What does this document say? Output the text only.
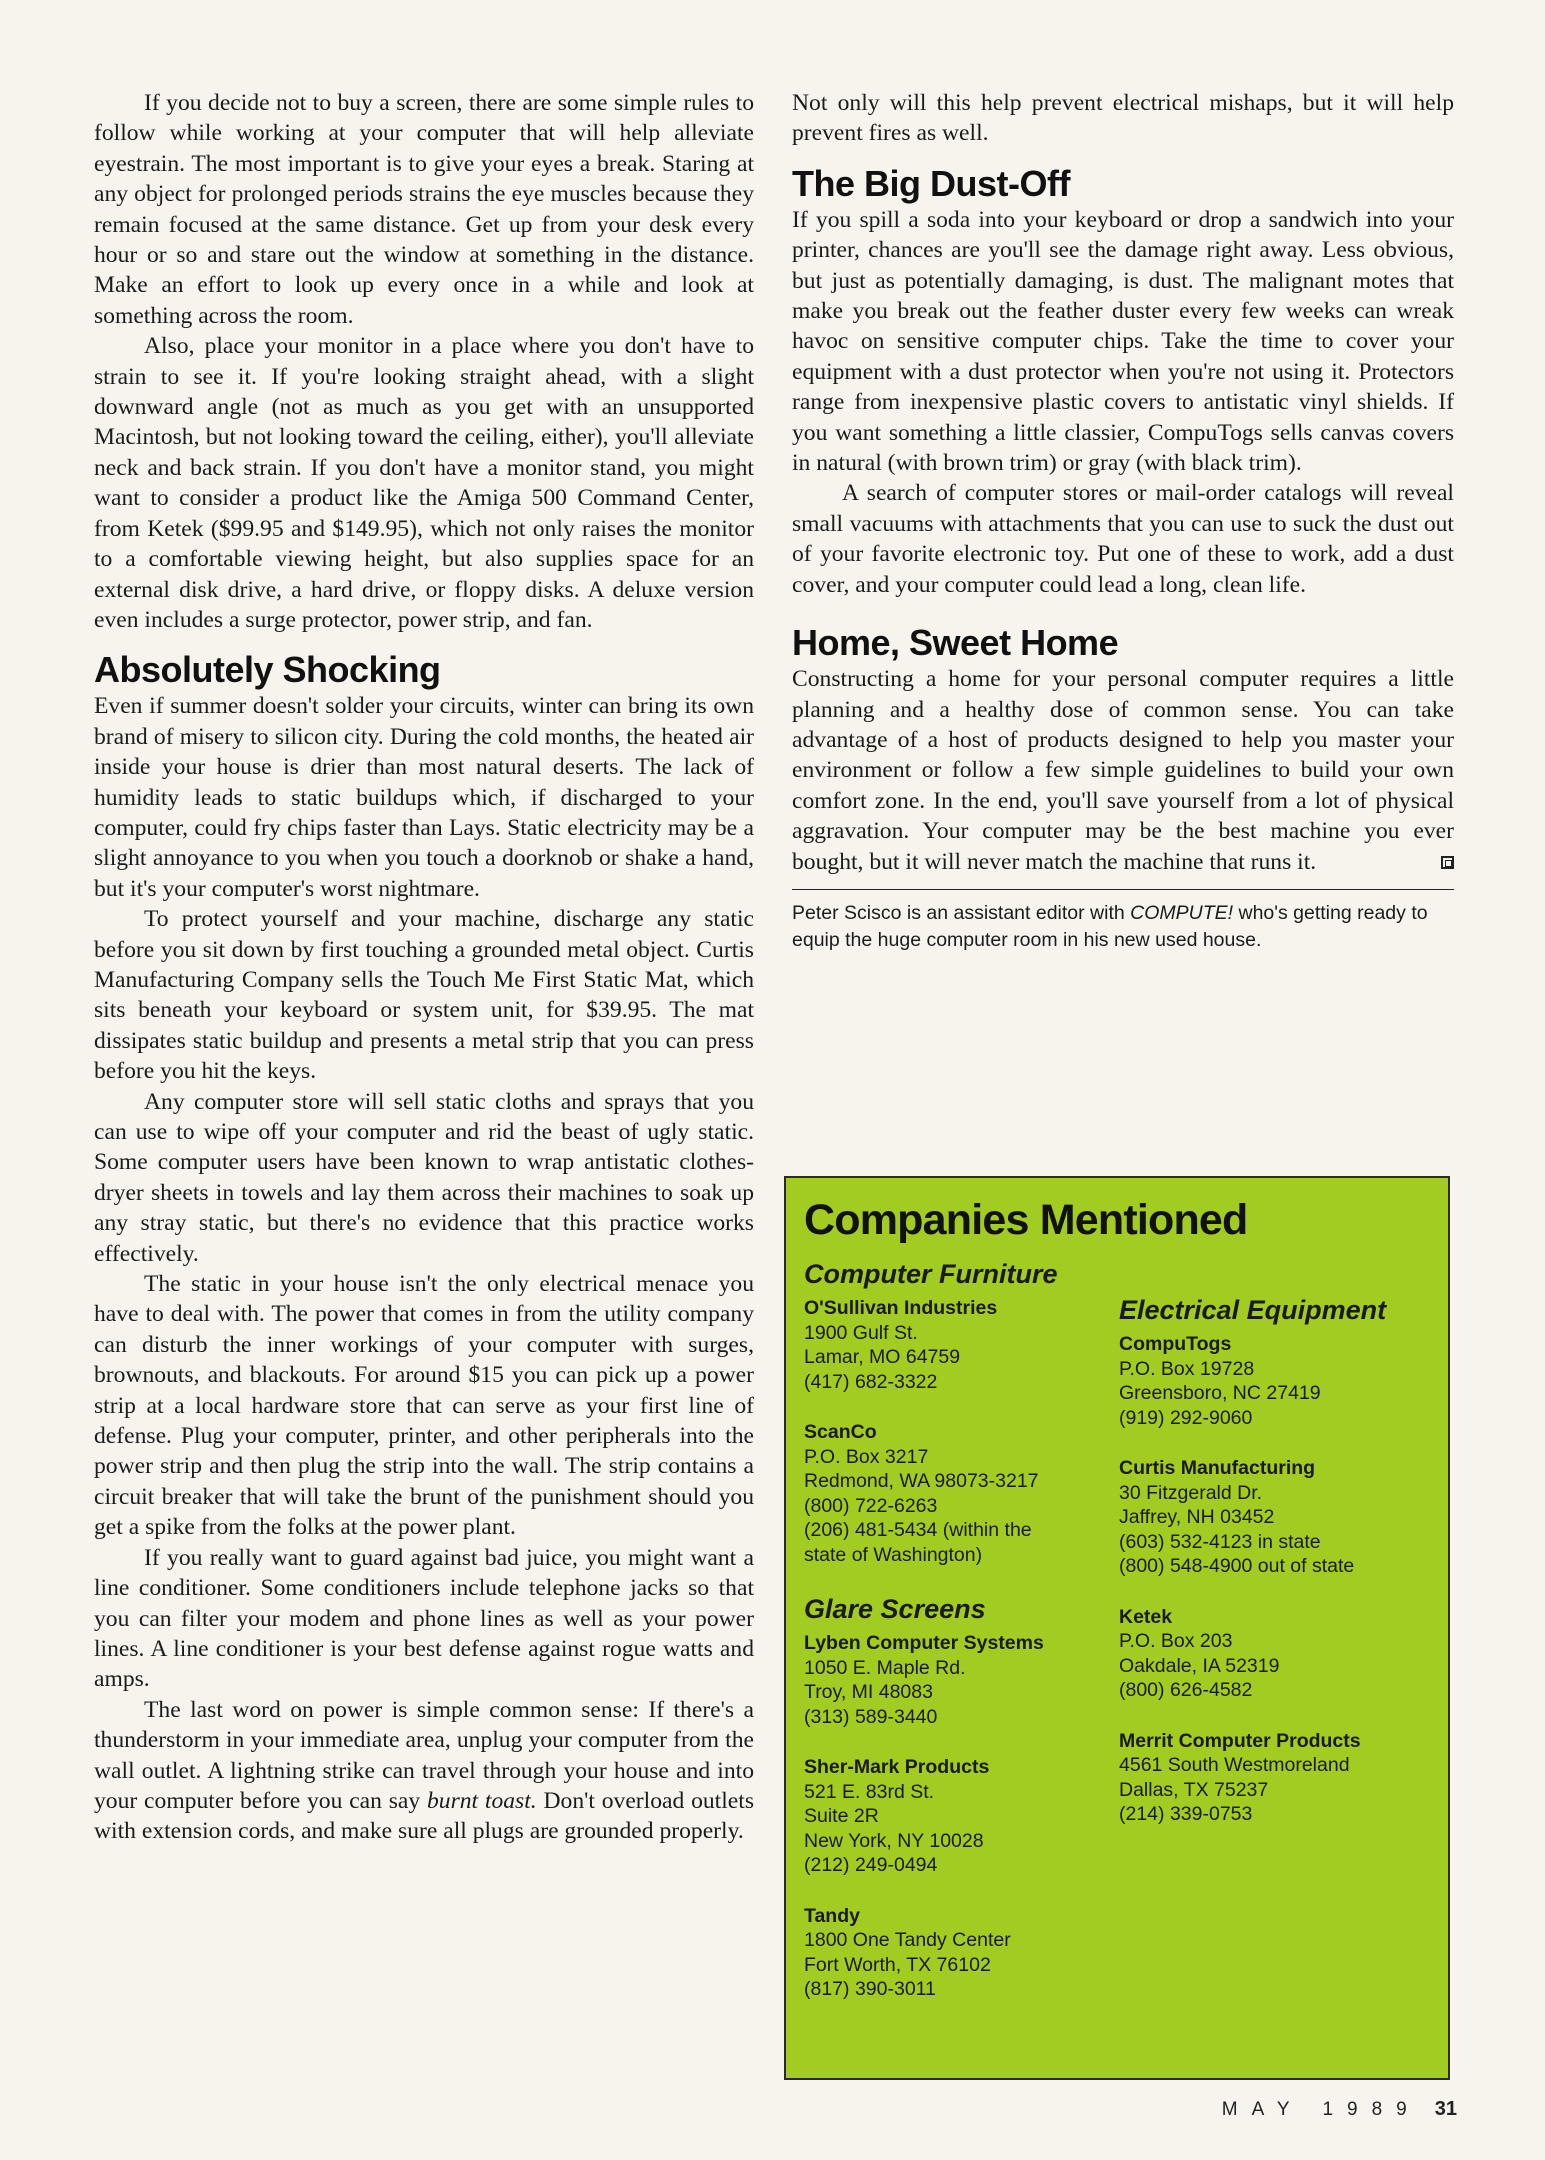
If you decide not to buy a screen, there are some simple rules to follow while working at your computer that will help alleviate eyestrain. The most important is to give your eyes a break. Staring at any object for prolonged periods strains the eye muscles because they remain focused at the same distance. Get up from your desk every hour or so and stare out the window at something in the distance. Make an effort to look up every once in a while and look at something across the room.

Also, place your monitor in a place where you don't have to strain to see it. If you're looking straight ahead, with a slight downward angle (not as much as you get with an unsupported Macintosh, but not looking toward the ceiling, either), you'll alleviate neck and back strain. If you don't have a monitor stand, you might want to consider a product like the Amiga 500 Command Center, from Ketek ($99.95 and $149.95), which not only raises the monitor to a comfortable viewing height, but also supplies space for an external disk drive, a hard drive, or floppy disks. A deluxe version even includes a surge protector, power strip, and fan.

Absolutely Shocking

Even if summer doesn't solder your circuits, winter can bring its own brand of misery to silicon city. During the cold months, the heated air inside your house is drier than most natural deserts. The lack of humidity leads to static buildups which, if discharged to your computer, could fry chips faster than Lays. Static electricity may be a slight annoyance to you when you touch a doorknob or shake a hand, but it's your computer's worst nightmare.

To protect yourself and your machine, discharge any static before you sit down by first touching a grounded metal object. Curtis Manufacturing Company sells the Touch Me First Static Mat, which sits beneath your keyboard or system unit, for $39.95. The mat dissipates static buildup and presents a metal strip that you can press before you hit the keys.

Any computer store will sell static cloths and sprays that you can use to wipe off your computer and rid the beast of ugly static. Some computer users have been known to wrap antistatic clothes-dryer sheets in towels and lay them across their machines to soak up any stray static, but there's no evidence that this practice works effectively.

The static in your house isn't the only electrical menace you have to deal with. The power that comes in from the utility company can disturb the inner workings of your computer with surges, brownouts, and blackouts. For around $15 you can pick up a power strip at a local hardware store that can serve as your first line of defense. Plug your computer, printer, and other peripherals into the power strip and then plug the strip into the wall. The strip contains a circuit breaker that will take the brunt of the punishment should you get a spike from the folks at the power plant.

If you really want to guard against bad juice, you might want a line conditioner. Some conditioners include telephone jacks so that you can filter your modem and phone lines as well as your power lines. A line conditioner is your best defense against rogue watts and amps.

The last word on power is simple common sense: If there's a thunderstorm in your immediate area, unplug your computer from the wall outlet. A lightning strike can travel through your house and into your computer before you can say burnt toast. Don't overload outlets with extension cords, and make sure all plugs are grounded properly.

Not only will this help prevent electrical mishaps, but it will help prevent fires as well.

The Big Dust-Off

If you spill a soda into your keyboard or drop a sandwich into your printer, chances are you'll see the damage right away. Less obvious, but just as potentially damaging, is dust. The malignant motes that make you break out the feather duster every few weeks can wreak havoc on sensitive computer chips. Take the time to cover your equipment with a dust protector when you're not using it. Protectors range from inexpensive plastic covers to antistatic vinyl shields. If you want something a little classier, CompuTogs sells canvas covers in natural (with brown trim) or gray (with black trim).

A search of computer stores or mail-order catalogs will reveal small vacuums with attachments that you can use to suck the dust out of your favorite electronic toy. Put one of these to work, add a dust cover, and your computer could lead a long, clean life.

Home, Sweet Home

Constructing a home for your personal computer requires a little planning and a healthy dose of common sense. You can take advantage of a host of products designed to help you master your environment or follow a few simple guidelines to build your own comfort zone. In the end, you'll save yourself from a lot of physical aggravation. Your computer may be the best machine you ever bought, but it will never match the machine that runs it.

Peter Scisco is an assistant editor with COMPUTE! who's getting ready to equip the huge computer room in his new used house.

Companies Mentioned
Computer Furniture
O'Sullivan Industries
1900 Gulf St.
Lamar, MO 64759
(417) 682-3322
ScanCo
P.O. Box 3217
Redmond, WA 98073-3217
(800) 722-6263
(206) 481-5434 (within the
state of Washington)
Glare Screens
Lyben Computer Systems
1050 E. Maple Rd.
Troy, MI 48083
(313) 589-3440
Sher-Mark Products
521 E. 83rd St.
Suite 2R
New York, NY 10028
(212) 249-0494
Tandy
1800 One Tandy Center
Fort Worth, TX 76102
(817) 390-3011
Electrical Equipment
CompuTogs
P.O. Box 19728
Greensboro, NC 27419
(919) 292-9060
Curtis Manufacturing
30 Fitzgerald Dr.
Jaffrey, NH 03452
(603) 532-4123 in state
(800) 548-4900 out of state
Ketek
P.O. Box 203
Oakdale, IA 52319
(800) 626-4582
Merrit Computer Products
4561 South Westmoreland
Dallas, TX 75237
(214) 339-0753
MAY 1989 31
